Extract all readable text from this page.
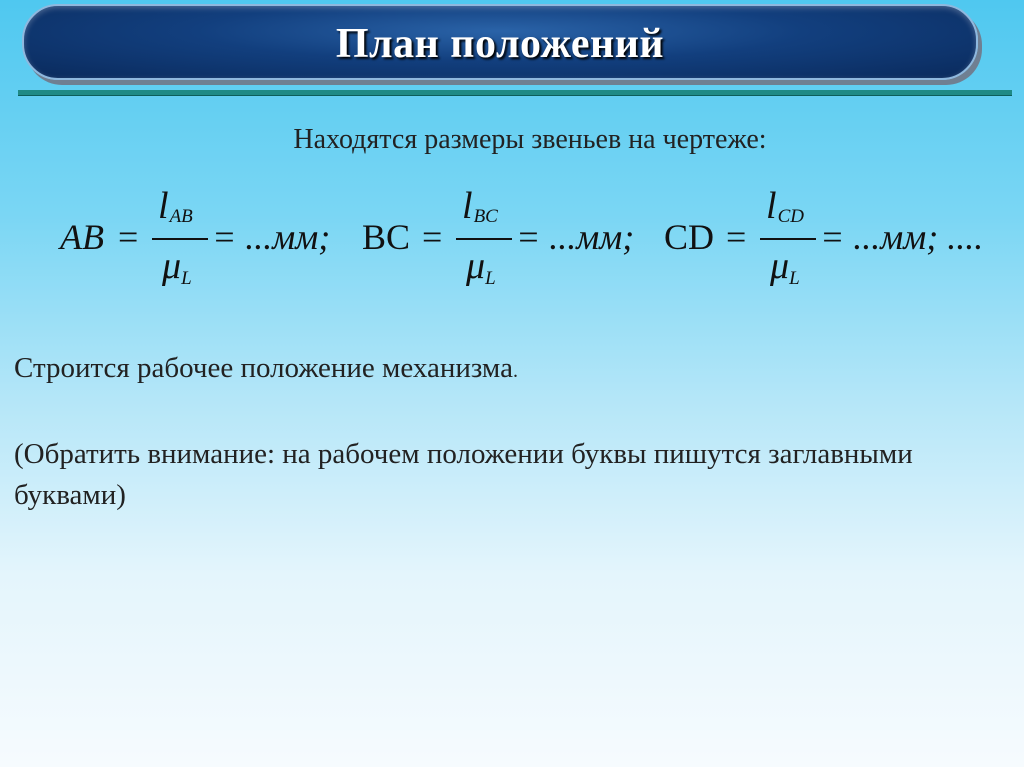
План положений
Находятся размеры звеньев на чертеже:
AB =
$l_{AB}$
$\mu_L$
= ...мм; BC =
$l_{BC}$
$\mu_L$
= ...мм; CD =
$l_{CD}$
$\mu_L$
= ...мм; ....
Строится рабочее положение механизма.
(Обратить внимание: на рабочем положении буквы пишутся заглавными буквами)
